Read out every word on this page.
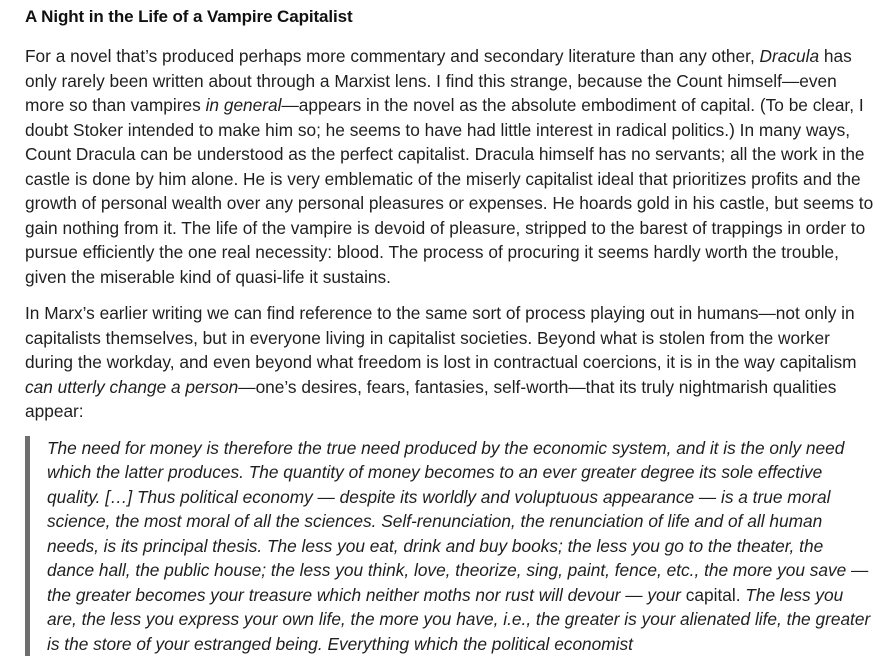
A Night in the Life of a Vampire Capitalist

For a novel that’s produced perhaps more commentary and secondary literature than any other, Dracula has only rarely been written about through a Marxist lens. I find this strange, because the Count himself—even more so than vampires in general—appears in the novel as the absolute embodiment of capital. (To be clear, I doubt Stoker intended to make him so; he seems to have had little interest in radical politics.) In many ways, Count Dracula can be understood as the perfect capitalist. Dracula himself has no servants; all the work in the castle is done by him alone. He is very emblematic of the miserly capitalist ideal that prioritizes profits and the growth of personal wealth over any personal pleasures or expenses. He hoards gold in his castle, but seems to gain nothing from it. The life of the vampire is devoid of pleasure, stripped to the barest of trappings in order to pursue efficiently the one real necessity: blood. The process of procuring it seems hardly worth the trouble, given the miserable kind of quasi-life it sustains.

In Marx’s earlier writing we can find reference to the same sort of process playing out in humans—not only in capitalists themselves, but in everyone living in capitalist societies. Beyond what is stolen from the worker during the workday, and even beyond what freedom is lost in contractual coercions, it is in the way capitalism can utterly change a person—one’s desires, fears, fantasies, self-worth—that its truly nightmarish qualities appear:

The need for money is therefore the true need produced by the economic system, and it is the only need which the latter produces. The quantity of money becomes to an ever greater degree its sole effective quality. […] Thus political economy — despite its worldly and voluptuous appearance — is a true moral science, the most moral of all the sciences. Self-renunciation, the renunciation of life and of all human needs, is its principal thesis. The less you eat, drink and buy books; the less you go to the theater, the dance hall, the public house; the less you think, love, theorize, sing, paint, fence, etc., the more you save — the greater becomes your treasure which neither moths nor rust will devour — your capital. The less you are, the less you express your own life, the more you have, i.e., the greater is your alienated life, the greater is the store of your estranged being. Everything which the political economist
